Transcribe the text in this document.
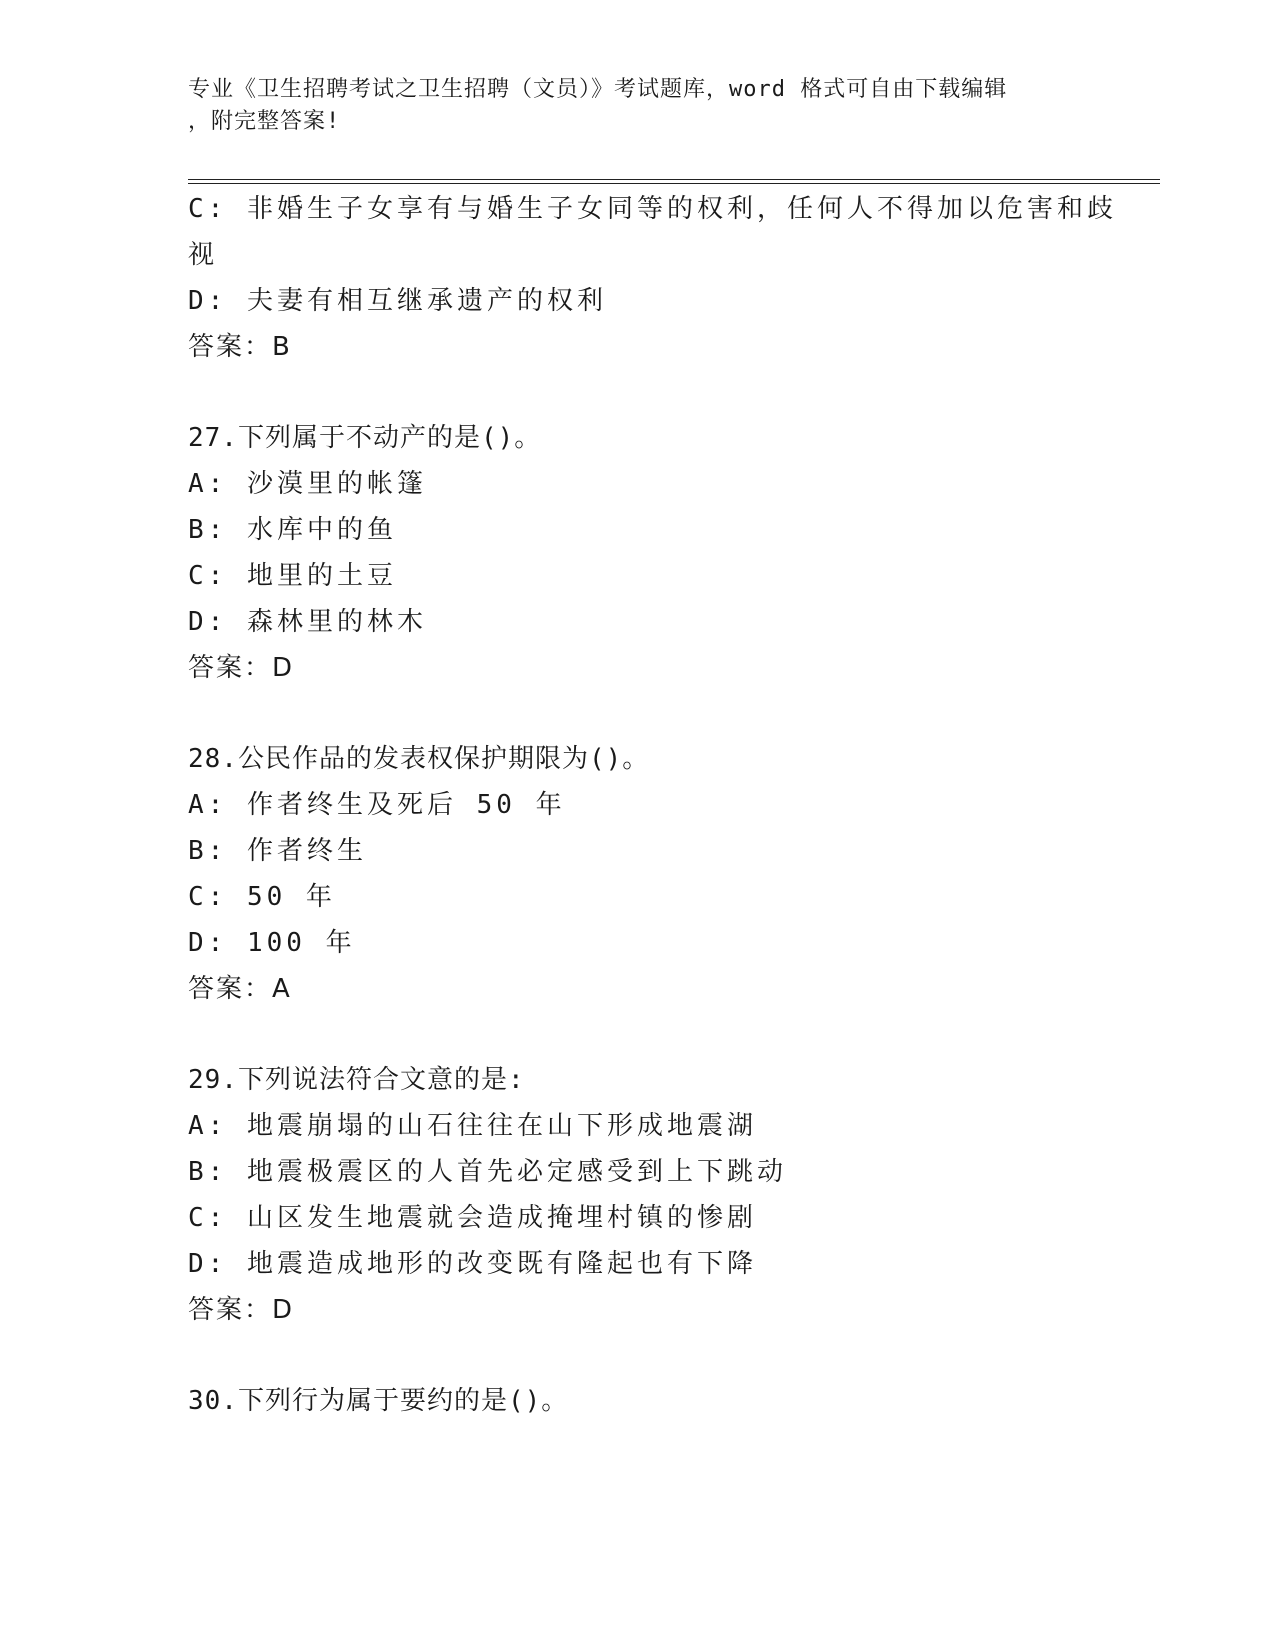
专业《卫生招聘考试之卫生招聘（文员）》考试题库，word 格式可自由下载编辑
，附完整答案!
C: 非婚生子女享有与婚生子女同等的权利，任何人不得加以危害和歧
视
D: 夫妻有相互继承遗产的权利
答案：B
27.下列属于不动产的是()。
A: 沙漠里的帐篷
B: 水库中的鱼
C: 地里的土豆
D: 森林里的林木
答案：D
28.公民作品的发表权保护期限为()。
A: 作者终生及死后 50 年
B: 作者终生
C: 50 年
D: 100 年
答案：A
29.下列说法符合文意的是:
A: 地震崩塌的山石往往在山下形成地震湖
B: 地震极震区的人首先必定感受到上下跳动
C: 山区发生地震就会造成掩埋村镇的惨剧
D: 地震造成地形的改变既有隆起也有下降
答案：D
30.下列行为属于要约的是()。
